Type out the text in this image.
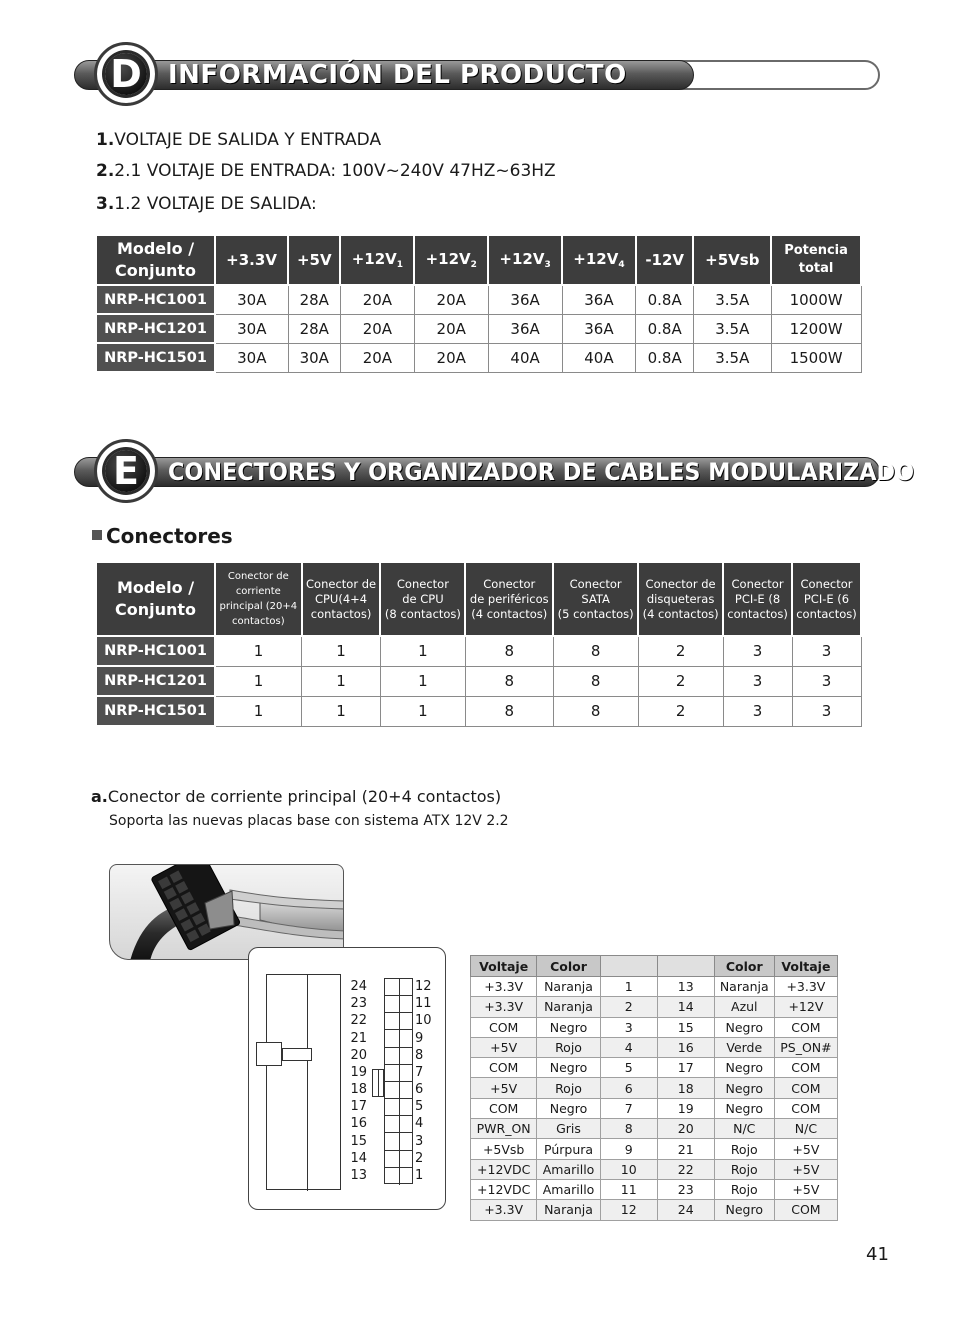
D INFORMACIÓN DEL PRODUCTO
1.VOLTAJE DE SALIDA Y ENTRADA
2.2.1 VOLTAJE DE ENTRADA: 100V~240V 47HZ~63HZ
3.1.2 VOLTAJE DE SALIDA:
Modelo /
Conjunto	+3.3V	+5V	$+12V_1$	$+12V_2$	$+12V_3$	$+12V_4$	-12V	+5Vsb	Potencia
total
NRP-HC1001	30A	28A	20A	20A	36A	36A	0.8A	3.5A	1000W
NRP-HC1201	30A	28A	20A	20A	36A	36A	0.8A	3.5A	1200W
NRP-HC1501	30A	30A	20A	20A	40A	40A	0.8A	3.5A	1500W
E	CONECTORES Y ORGANIZADOR DE CABLES MODULARIZADO
Conectores
Modelo /
Conjunto	Conector de
corriente
principal (20+4
contactos)	Conector de
CPU(4+4
contactos)	Conector
de CPU
(8 contactos)	Conector
de periféricos
(4 contactos)	Conector
SATA
(5 contactos)	Conector de
disqueteras
(4 contactos)	Conector
PCI-E (8
contactos)	Conector
PCI-E (6
contactos)
NRP-HC1001	1	1	1	8	8	2	3	3
NRP-HC1201	1	1	1	8	8	2	3	3
NRP-HC1501	1	1	1	8	8	2	3	3
a.Conector de corriente principal (20+4 contactos)
Soporta las nuevas placas base con sistema ATX 12V 2.2
24
23
22
21
20
19
18
17
16
15
14
13
12
11
10
9
8
7
6
5
4
3
2
1
Voltaje	Color			Color	Voltaje
+3.3V	Naranja	1	13	Naranja	+3.3V
+3.3V	Naranja	2	14	Azul	+12V
COM	Negro	3	15	Negro	COM
+5V	Rojo	4	16	Verde	PS_ON#
COM	Negro	5	17	Negro	COM
+5V	Rojo	6	18	Negro	COM
COM	Negro	7	19	Negro	COM
PWR_ON	Gris	8	20	N/C	N/C
+5Vsb	Púrpura	9	21	Rojo	+5V
+12VDC	Amarillo	10	22	Rojo	+5V
+12VDC	Amarillo	11	23	Rojo	+5V
+3.3V	Naranja	12	24	Negro	COM
41
